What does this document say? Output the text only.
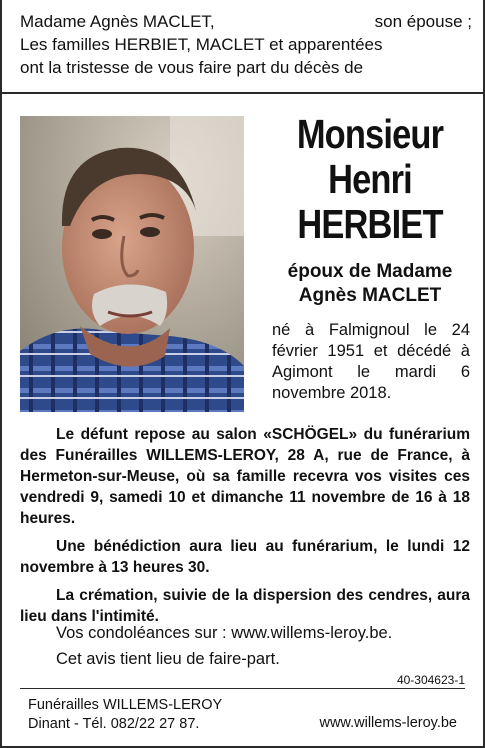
Madame Agnès MACLET,	son épouse ;
Les familles HERBIET, MACLET et apparentées
ont la tristesse de vous faire part du décès de
Monsieur
Henri
HERBIET
époux de Madame
Agnès MACLET
né à Falmignoul le 24 février 1951 et décédé à Agimont le mardi 6 novembre 2018.

Le défunt repose au salon «SCHÖGEL» du funérarium des Funérailles WILLEMS-LEROY, 28 A, rue de France, à Hermeton-sur-Meuse, où sa famille recevra vos visites ces vendredi 9, samedi 10 et dimanche 11 novembre de 16 à 18 heures.

Une bénédiction aura lieu au funérarium, le lundi 12 novembre à 13 heures 30.

La crémation, suivie de la dispersion des cendres, aura lieu dans l'intimité.

Vos condoléances sur : www.willems-leroy.be.
Cet avis tient lieu de faire-part.
40-304623-1
Funérailles WILLEMS-LEROY
Dinant - Tél. 082/22 27 87.	www.willems-leroy.be
